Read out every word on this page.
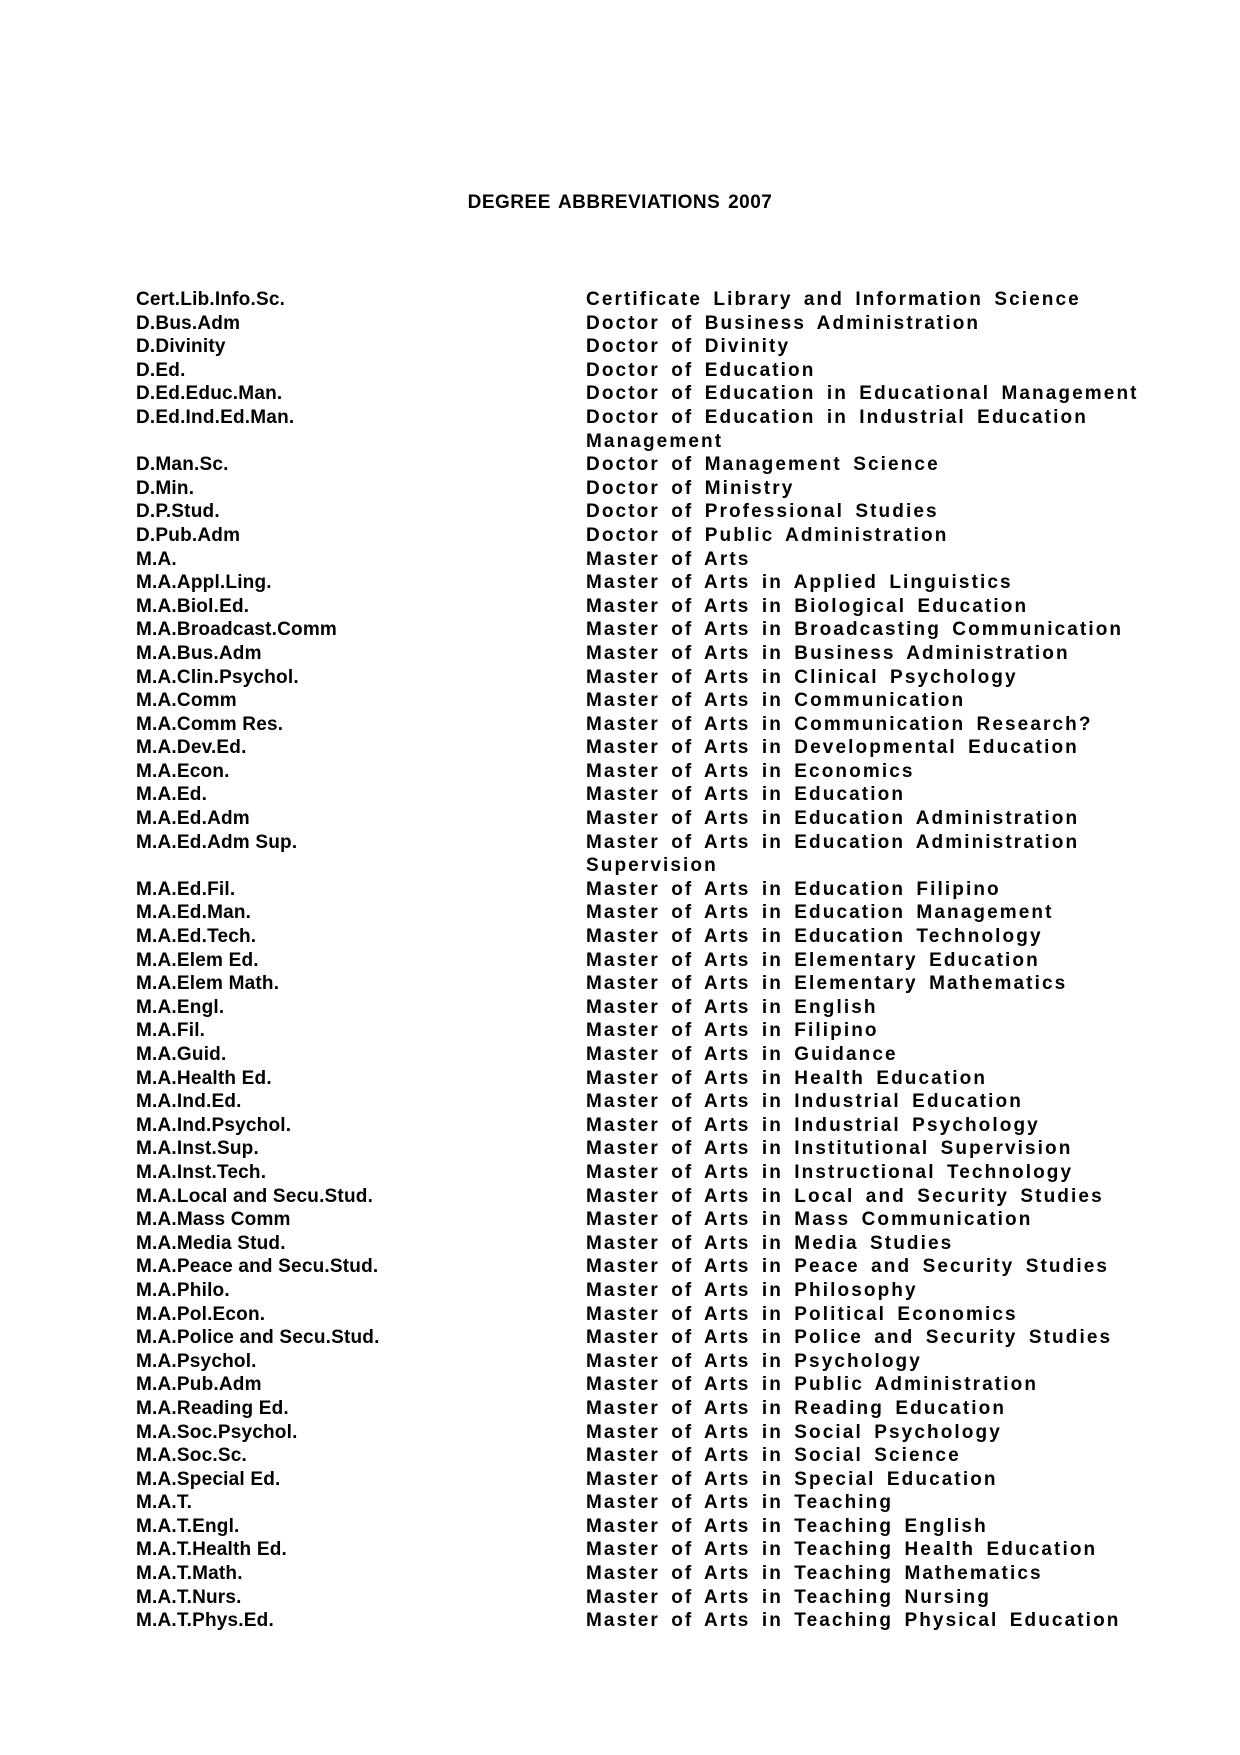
DEGREE ABBREVIATIONS 2007
Cert.Lib.Info.Sc.	Certificate Library and Information Science
D.Bus.Adm	Doctor of Business Administration
D.Divinity	Doctor of Divinity
D.Ed.	Doctor of Education
D.Ed.Educ.Man.	Doctor of Education in Educational Management
D.Ed.Ind.Ed.Man.	Doctor of Education in Industrial Education Management
D.Man.Sc.	Doctor of Management Science
D.Min.	Doctor of Ministry
D.P.Stud.	Doctor of Professional Studies
D.Pub.Adm	Doctor of Public Administration
M.A.	Master of Arts
M.A.Appl.Ling.	Master of Arts in Applied Linguistics
M.A.Biol.Ed.	Master of Arts in Biological Education
M.A.Broadcast.Comm	Master of Arts in Broadcasting Communication
M.A.Bus.Adm	Master of Arts in Business Administration
M.A.Clin.Psychol.	Master of Arts in Clinical Psychology
M.A.Comm	Master of Arts in Communication
M.A.Comm Res.	Master of Arts in Communication Research?
M.A.Dev.Ed.	Master of Arts in Developmental Education
M.A.Econ.	Master of Arts in Economics
M.A.Ed.	Master of Arts in Education
M.A.Ed.Adm	Master of Arts in Education Administration
M.A.Ed.Adm Sup.	Master of Arts in Education Administration Supervision
M.A.Ed.Fil.	Master of Arts in Education Filipino
M.A.Ed.Man.	Master of Arts in Education Management
M.A.Ed.Tech.	Master of Arts in Education Technology
M.A.Elem Ed.	Master of Arts in Elementary Education
M.A.Elem Math.	Master of Arts in Elementary Mathematics
M.A.Engl.	Master of Arts in English
M.A.Fil.	Master of Arts in Filipino
M.A.Guid.	Master of Arts in Guidance
M.A.Health Ed.	Master of Arts in Health Education
M.A.Ind.Ed.	Master of Arts in Industrial Education
M.A.Ind.Psychol.	Master of Arts in Industrial Psychology
M.A.Inst.Sup.	Master of Arts in Institutional Supervision
M.A.Inst.Tech.	Master of Arts in Instructional Technology
M.A.Local and Secu.Stud.	Master of Arts in Local and Security Studies
M.A.Mass Comm	Master of Arts in Mass Communication
M.A.Media Stud.	Master of Arts in Media Studies
M.A.Peace and Secu.Stud.	Master of Arts in Peace and Security Studies
M.A.Philo.	Master of Arts in Philosophy
M.A.Pol.Econ.	Master of Arts in Political Economics
M.A.Police and Secu.Stud.	Master of Arts in Police and Security Studies
M.A.Psychol.	Master of Arts in Psychology
M.A.Pub.Adm	Master of Arts in Public Administration
M.A.Reading Ed.	Master of Arts in Reading Education
M.A.Soc.Psychol.	Master of Arts in Social Psychology
M.A.Soc.Sc.	Master of Arts in Social Science
M.A.Special Ed.	Master of Arts in Special Education
M.A.T.	Master of Arts in Teaching
M.A.T.Engl.	Master of Arts in Teaching English
M.A.T.Health Ed.	Master of Arts in Teaching Health Education
M.A.T.Math.	Master of Arts in Teaching Mathematics
M.A.T.Nurs.	Master of Arts in Teaching Nursing
M.A.T.Phys.Ed.	Master of Arts in Teaching Physical Education
